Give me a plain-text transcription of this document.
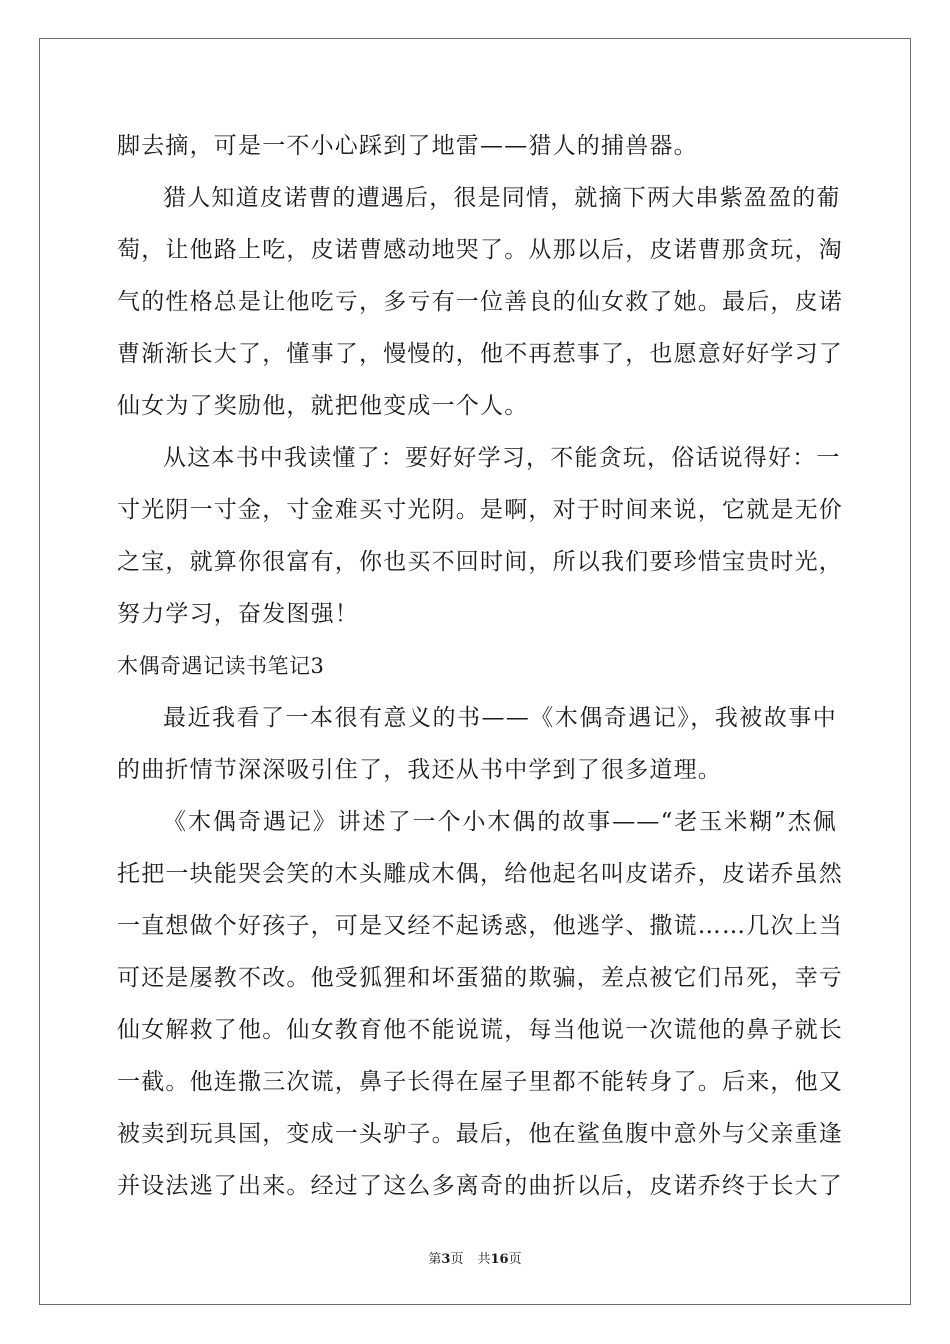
脚去摘，可是一不小心踩到了地雷——猎人的捕兽器。
猎人知道皮诺曹的遭遇后，很是同情，就摘下两大串紫盈盈的葡
萄，让他路上吃，皮诺曹感动地哭了。从那以后，皮诺曹那贪玩，淘
气的性格总是让他吃亏，多亏有一位善良的仙女救了她。最后，皮诺
曹渐渐长大了，懂事了，慢慢的，他不再惹事了，也愿意好好学习了
仙女为了奖励他，就把他变成一个人。
从这本书中我读懂了：要好好学习，不能贪玩，俗话说得好：一
寸光阴一寸金，寸金难买寸光阴。是啊，对于时间来说，它就是无价
之宝，就算你很富有，你也买不回时间，所以我们要珍惜宝贵时光，
努力学习，奋发图强！
木偶奇遇记读书笔记3
最近我看了一本很有意义的书——《木偶奇遇记》，我被故事中
的曲折情节深深吸引住了，我还从书中学到了很多道理。
《木偶奇遇记》讲述了一个小木偶的故事——“老玉米糊”杰佩
托把一块能哭会笑的木头雕成木偶，给他起名叫皮诺乔，皮诺乔虽然
一直想做个好孩子，可是又经不起诱惑，他逃学、撒谎……几次上当
可还是屡教不改。他受狐狸和坏蛋猫的欺骗，差点被它们吊死，幸亏
仙女解救了他。仙女教育他不能说谎，每当他说一次谎他的鼻子就长
一截。他连撒三次谎，鼻子长得在屋子里都不能转身了。后来，他又
被卖到玩具国，变成一头驴子。最后，他在鲨鱼腹中意外与父亲重逢
并设法逃了出来。经过了这么多离奇的曲折以后，皮诺乔终于长大了
第3页 共16页
